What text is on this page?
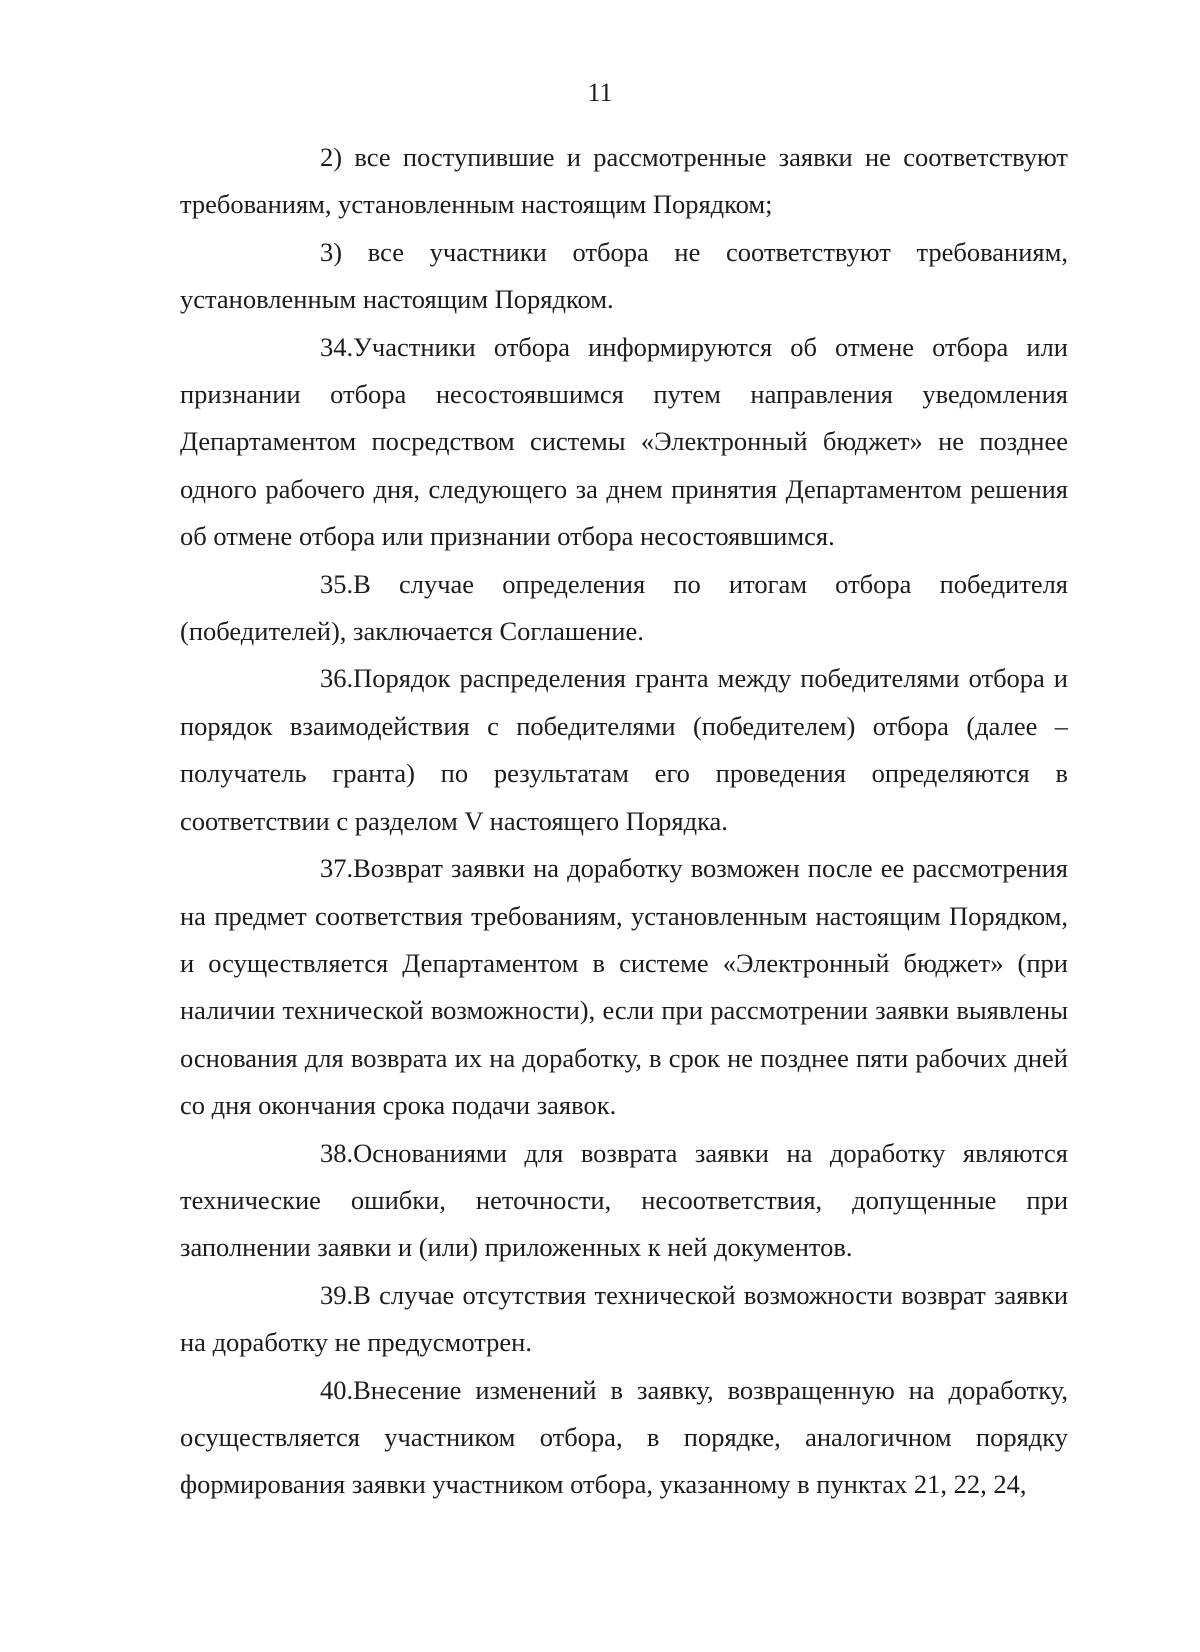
11

2) все поступившие и рассмотренные заявки не соответствуют требованиям, установленным настоящим Порядком;

3) все участники отбора не соответствуют требованиям, установленным настоящим Порядком.

34.Участники отбора информируются об отмене отбора или признании отбора несостоявшимся путем направления уведомления Департаментом посредством системы «Электронный бюджет» не позднее одного рабочего дня, следующего за днем принятия Департаментом решения об отмене отбора или признании отбора несостоявшимся.

35.В случае определения по итогам отбора победителя (победителей), заключается Соглашение.

36.Порядок распределения гранта между победителями отбора и порядок взаимодействия с победителями (победителем) отбора (далее – получатель гранта) по результатам его проведения определяются в соответствии с разделом V настоящего Порядка.

37.Возврат заявки на доработку возможен после ее рассмотрения на предмет соответствия требованиям, установленным настоящим Порядком, и осуществляется Департаментом в системе «Электронный бюджет» (при наличии технической возможности), если при рассмотрении заявки выявлены основания для возврата их на доработку, в срок не позднее пяти рабочих дней со дня окончания срока подачи заявок.

38.Основаниями для возврата заявки на доработку являются технические ошибки, неточности, несоответствия, допущенные при заполнении заявки и (или) приложенных к ней документов.

39.В случае отсутствия технической возможности возврат заявки на доработку не предусмотрен.

40.Внесение изменений в заявку, возвращенную на доработку, осуществляется участником отбора, в порядке, аналогичном порядку формирования заявки участником отбора, указанному в пунктах 21, 22, 24,
